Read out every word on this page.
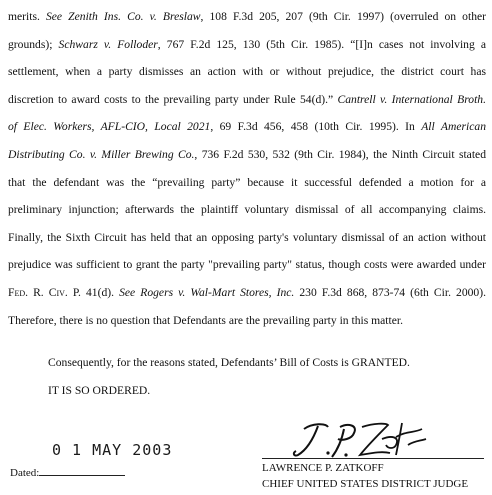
merits. See Zenith Ins. Co. v. Breslaw, 108 F.3d 205, 207 (9th Cir. 1997) (overruled on other
grounds); Schwarz v. Folloder, 767 F.2d 125, 130 (5th Cir. 1985). “[I]n cases not involving a
settlement, when a party dismisses an action with or without prejudice, the district court has
discretion to award costs to the prevailing party under Rule 54(d).” Cantrell v. International Broth.
of Elec. Workers, AFL-CIO, Local 2021, 69 F.3d 456, 458 (10th Cir. 1995). In All American
Distributing Co. v. Miller Brewing Co., 736 F.2d 530, 532 (9th Cir. 1984), the Ninth Circuit stated
that the defendant was the “prevailing party” because it successful defended a motion for a
preliminary injunction; afterwards the plaintiff voluntary dismissal of all accompanying claims.
Finally, the Sixth Circuit has held that an opposing party's voluntary dismissal of an action without
prejudice was sufficient to grant the party "prevailing party" status, though costs were awarded under
Fed. R. Civ. P. 41(d). See Rogers v. Wal-Mart Stores, Inc. 230 F.3d 868, 873-74 (6th Cir. 2000).
Therefore, there is no question that Defendants are the prevailing party in this matter.

Consequently, for the reasons stated, Defendants’ Bill of Costs is GRANTED.

IT IS SO ORDERED.

0 1 MAY 2003
Dated:	LAWRENCE P. ZATKOFF
CHIEF UNITED STATES DISTRICT JUDGE
